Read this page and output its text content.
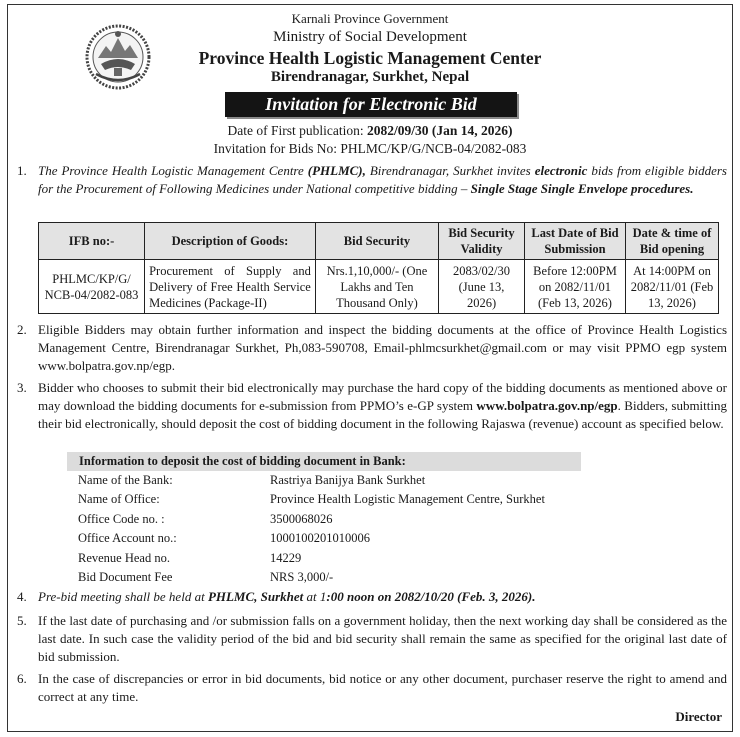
Karnali Province Government
Ministry of Social Development
Province Health Logistic Management Center
Birendranagar, Surkhet, Nepal
Invitation for Electronic Bid
Date of First publication: 2082/09/30 (Jan 14, 2026)
Invitation for Bids No: PHLMC/KP/G/NCB-04/2082-083
1. The Province Health Logistic Management Centre (PHLMC), Birendranagar, Surkhet invites electronic bids from eligible bidders for the Procurement of Following Medicines under National competitive bidding – Single Stage Single Envelope procedures.
IFB no:-	Description of Goods:	Bid Security	Bid Security Validity	Last Date of Bid Submission	Date & time of Bid opening
PHLMC/KP/G/ NCB-04/2082-083	Procurement of Supply and Delivery of Free Health Service Medicines (Package-II)	Nrs.1,10,000/- (One Lakhs and Ten Thousand Only)	2083/02/30 (June 13, 2026)	Before 12:00PM on 2082/11/01 (Feb 13, 2026)	At 14:00PM on 2082/11/01 (Feb 13, 2026)
2. Eligible Bidders may obtain further information and inspect the bidding documents at the office of Province Health Logistics Management Centre, Birendranagar Surkhet, Ph,083-590708, Email-phlmcsurkhet@gmail.com or may visit PPMO egp system www.bolpatra.gov.np/egp.
3. Bidder who chooses to submit their bid electronically may purchase the hard copy of the bidding documents as mentioned above or may download the bidding documents for e-submission from PPMO’s e-GP system www.bolpatra.gov.np/egp. Bidders, submitting their bid electronically, should deposit the cost of bidding document in the following Rajaswa (revenue) account as specified below.
Information to deposit the cost of bidding document in Bank:
Name of the Bank:	Rastriya Banijya Bank Surkhet
Name of Office:	Province Health Logistic Management Centre, Surkhet
Office Code no. :	3500068026
Office Account no.:	1000100201010006
Revenue Head no.	14229
Bid Document Fee	NRS 3,000/-
4. Pre-bid meeting shall be held at PHLMC, Surkhet at 1:00 noon on 2082/10/20 (Feb. 3, 2026).
5. If the last date of purchasing and /or submission falls on a government holiday, then the next working day shall be considered as the last date. In such case the validity period of the bid and bid security shall remain the same as specified for the original last date of bid submission.
6. In the case of discrepancies or error in bid documents, bid notice or any other document, purchaser reserve the right to amend and correct at any time.
Director
